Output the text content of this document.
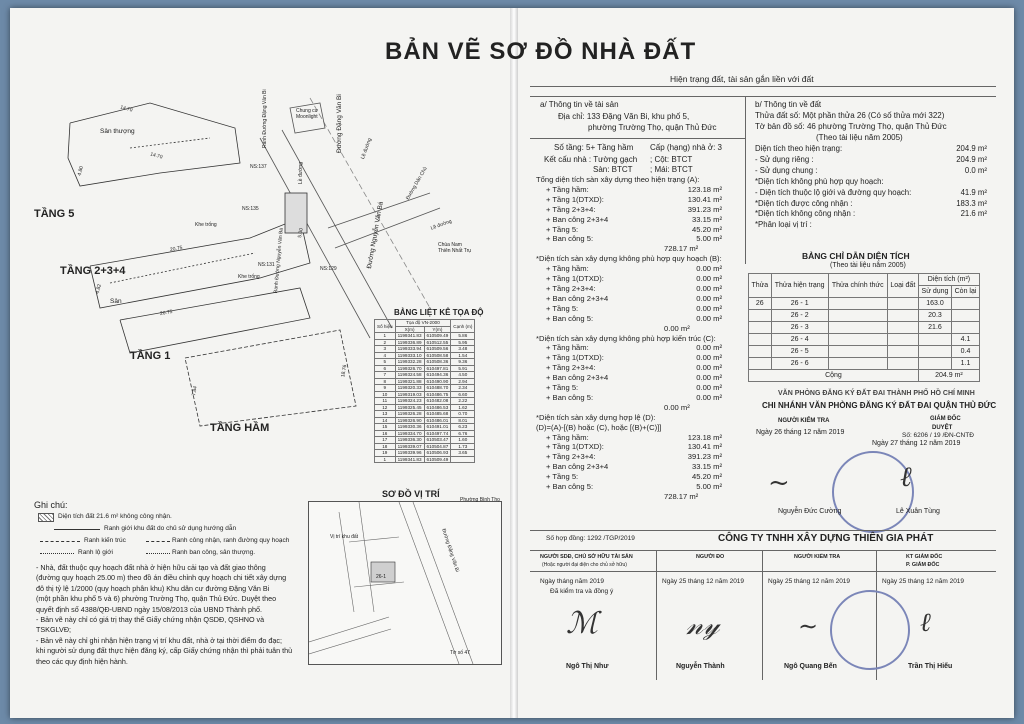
BẢN VẼ SƠ ĐỒ NHÀ ĐẤT
Hiện trạng đất, tài sản gắn liền với đất
TẦNG 5
TẦNG 2+3+4
TẦNG 1
TẦNG HẦM
Sân thượng
Sân
Khe trống
Khe trống
NS:137
NS:135
NS:131
NS:129
Đường Đặng Văn Bi
Đường Nguyễn Văn Bá
Đường Dân Chủ
Lề đường
Lề đường
Lề đường
Chung cư Moonlight
Chùa Nam Thiên Nhất Trụ
Ranh Đường Đặng Văn Bi
Ranh Đường Nguyễn Văn Bá
14.70
14.70
20.75
20.75
4.80
4.82
5.00
18.76
7.84
BẢNG LIỆT KÊ TỌA ĐỘ
Số hiệu	Tọa độ VN-2000		Cạnh (m)
	X(m)	Y(m)	
1	1199341.83	610509.49	5.86
2	1199336.89	610512.55	5.95
3	1199333.94	610509.56	3.48
4	1199333.10	610508.58	1.54
5	1199332.28	610508.36	9.36
6	1199326.70	610497.81	5.91
7	1199324.58	610494.36	4.50
8	1199321.88	610490.90	2.94
9	1199320.33	610488.70	2.34
10	1199319.03	610486.75	6.60
11	1199324.23	610482.08	2.22
12	1199325.45	610486.53	1.62
13	1199326.28	610485.68	0.70
14	1199326.90	610486.01	8.01
15	1199330.36	610491.01	6.23
16	1199334.70	610497.74	6.76
17	1199336.30	610503.47	1.60
18	1199339.07	610504.87	1.73
19	1199339.96	610506.93	3.65
1	1199341.83	610509.49	
SƠ ĐỒ VỊ TRÍ
Phường Bình Thọ
Vị trí khu đất	Đường Đặng Văn Bi
26-1
Tờ số 47
Ghi chú:
Diện tích đất 21.6 m² không công nhận.
Ranh giới khu đất do chủ sử dụng hướng dẫn
Ranh kiến trúc	Ranh công nhận, ranh đường quy hoạch
Ranh lộ giới	Ranh ban công, sân thượng.
- Nhà, đất thuộc quy hoạch đất nhà ở hiện hữu cải tạo và đất giao thông
(đường quy hoạch 25.00 m) theo đồ án điều chỉnh quy hoạch chi tiết xây dựng
đô thị tỷ lệ 1/2000 (quy hoạch phân khu) Khu dân cư đường Đặng Văn Bi
(một phần khu phố 5 và 6) phường Trường Thọ, quận Thủ Đức. Duyệt theo
quyết định số 4388/QĐ-UBND ngày 15/08/2013 của UBND Thành phố.
- Bản vẽ này chỉ có giá trị thay thế Giấy chứng nhận QSDĐ, QSHNO và
TSKGLVĐ;
- Bản vẽ này chỉ ghi nhận hiện trạng vị trí khu đất, nhà ở tại thời điểm đo đạc;
khi người sử dụng đất thực hiện đăng ký, cấp Giấy chứng nhận thì phải tuân thủ
theo các quy định hiện hành.
a/ Thông tin về tài sản
Địa chỉ: 133 Đặng Văn Bi, khu phố 5,
phường Trường Thọ, quận Thủ Đức
Số tầng: 5+ Tầng hầm Cấp (hạng) nhà ở: 3
Kết cấu nhà : Tường gạch ; Cột: BTCT
Sàn: BTCT ; Mái: BTCT
Tổng diện tích sàn xây dựng theo hiện trạng (A):
+ Tầng hầm:	123.18 m²
+ Tầng 1(DTXD):	130.41 m²
+ Tầng 2+3+4:	391.23 m²
+ Ban công 2+3+4	33.15 m²
+ Tầng 5:	45.20 m²
+ Ban công 5:	5.00 m²
728.17 m²
*Diện tích sàn xây dựng không phù hợp quy hoạch (B):
+ Tầng hầm:	0.00 m²
+ Tầng 1(DTXD):	0.00 m²
+ Tầng 2+3+4:	0.00 m²
+ Ban công 2+3+4	0.00 m²
+ Tầng 5:	0.00 m²
+ Ban công 5:	0.00 m²
0.00 m²
*Diện tích sàn xây dựng không phù hợp kiến trúc (C):
+ Tầng hầm:	0.00 m²
+ Tầng 1(DTXD):	0.00 m²
+ Tầng 2+3+4:	0.00 m²
+ Ban công 2+3+4	0.00 m²
+ Tầng 5:	0.00 m²
+ Ban công 5:	0.00 m²
0.00 m²
*Diện tích sàn xây dựng hợp lệ (D):
(D)=(A)-[(B) hoặc (C), hoặc [(B)+(C)]]
+ Tầng hầm:	123.18 m²
+ Tầng 1(DTXD):	130.41 m²
+ Tầng 2+3+4:	391.23 m²
+ Ban công 2+3+4	33.15 m²
+ Tầng 5:	45.20 m²
+ Ban công 5:	5.00 m²
728.17 m²
b/ Thông tin về đất
Thửa đất số: Một phần thửa 26 (Có số thửa mới 322)
Tờ bản đồ số: 46 phường Trường Thọ, quận Thủ Đức
(Theo tài liệu năm 2005)
Diện tích theo hiện trạng:	204.9 m²
- Sử dụng riêng :	204.9 m²
- Sử dụng chung :	0.0 m²
*Diện tích không phù hợp quy hoạch:
- Diện tích thuộc lộ giới và đường quy hoạch:	41.9 m²
*Diện tích được công nhận :	183.3 m²
*Diện tích không công nhận :	21.6 m²
*Phân loại vị trí :
BẢNG CHỈ DẪN DIỆN TÍCH
(Theo tài liệu năm 2005)
Thửa	Thửa hiện trạng	Thửa chính thức	Loại đất	Diện tích (m²)	
				Sử dụng	Còn lại
26	26 - 1			163.0	
	26 - 2			20.3	
	26 - 3			21.6	
	26 - 4				4.1
	26 - 5				0.4
	26 - 6				1.1
Cộng				204.9 m²	
VĂN PHÒNG ĐĂNG KÝ ĐẤT ĐAI THÀNH PHỐ HỒ CHÍ MINH
CHI NHÁNH VĂN PHÒNG ĐĂNG KÝ ĐẤT ĐAI QUẬN THỦ ĐỨC
NGƯỜI KIỂM TRA
Ngày 26 tháng 12 năm 2019
GIÁM ĐỐC
DUYỆT
Số: 6206 / 19 /ĐN-CNTĐ
Ngày 27 tháng 12 năm 2019
~	ℓ
Nguyễn Đức Cường	Lê Xuân Tùng
Số hợp đồng: 1292 /TGP/2019	CÔNG TY TNHH XÂY DỰNG THIÊN GIA PHÁT
NGƯỜI SDĐ, CHỦ SỞ HỮU TÀI SẢN
(Hoặc người đại diện cho chủ sở hữu)
NGƯỜI ĐO	NGƯỜI KIỂM TRA	KT GIÁM ĐỐC
P. GIÁM ĐỐC
Ngày tháng năm 2019	Ngày 25 tháng 12 năm 2019	Ngày 25 tháng 12 năm 2019	Ngày 25 tháng 12 năm 2019
Đã kiểm tra và đồng ý
ℳ	𝓃𝓎	∼	ℓ
Ngô Thị Như	Nguyễn Thành	Ngô Quang Bến	Trần Thị Hiếu
